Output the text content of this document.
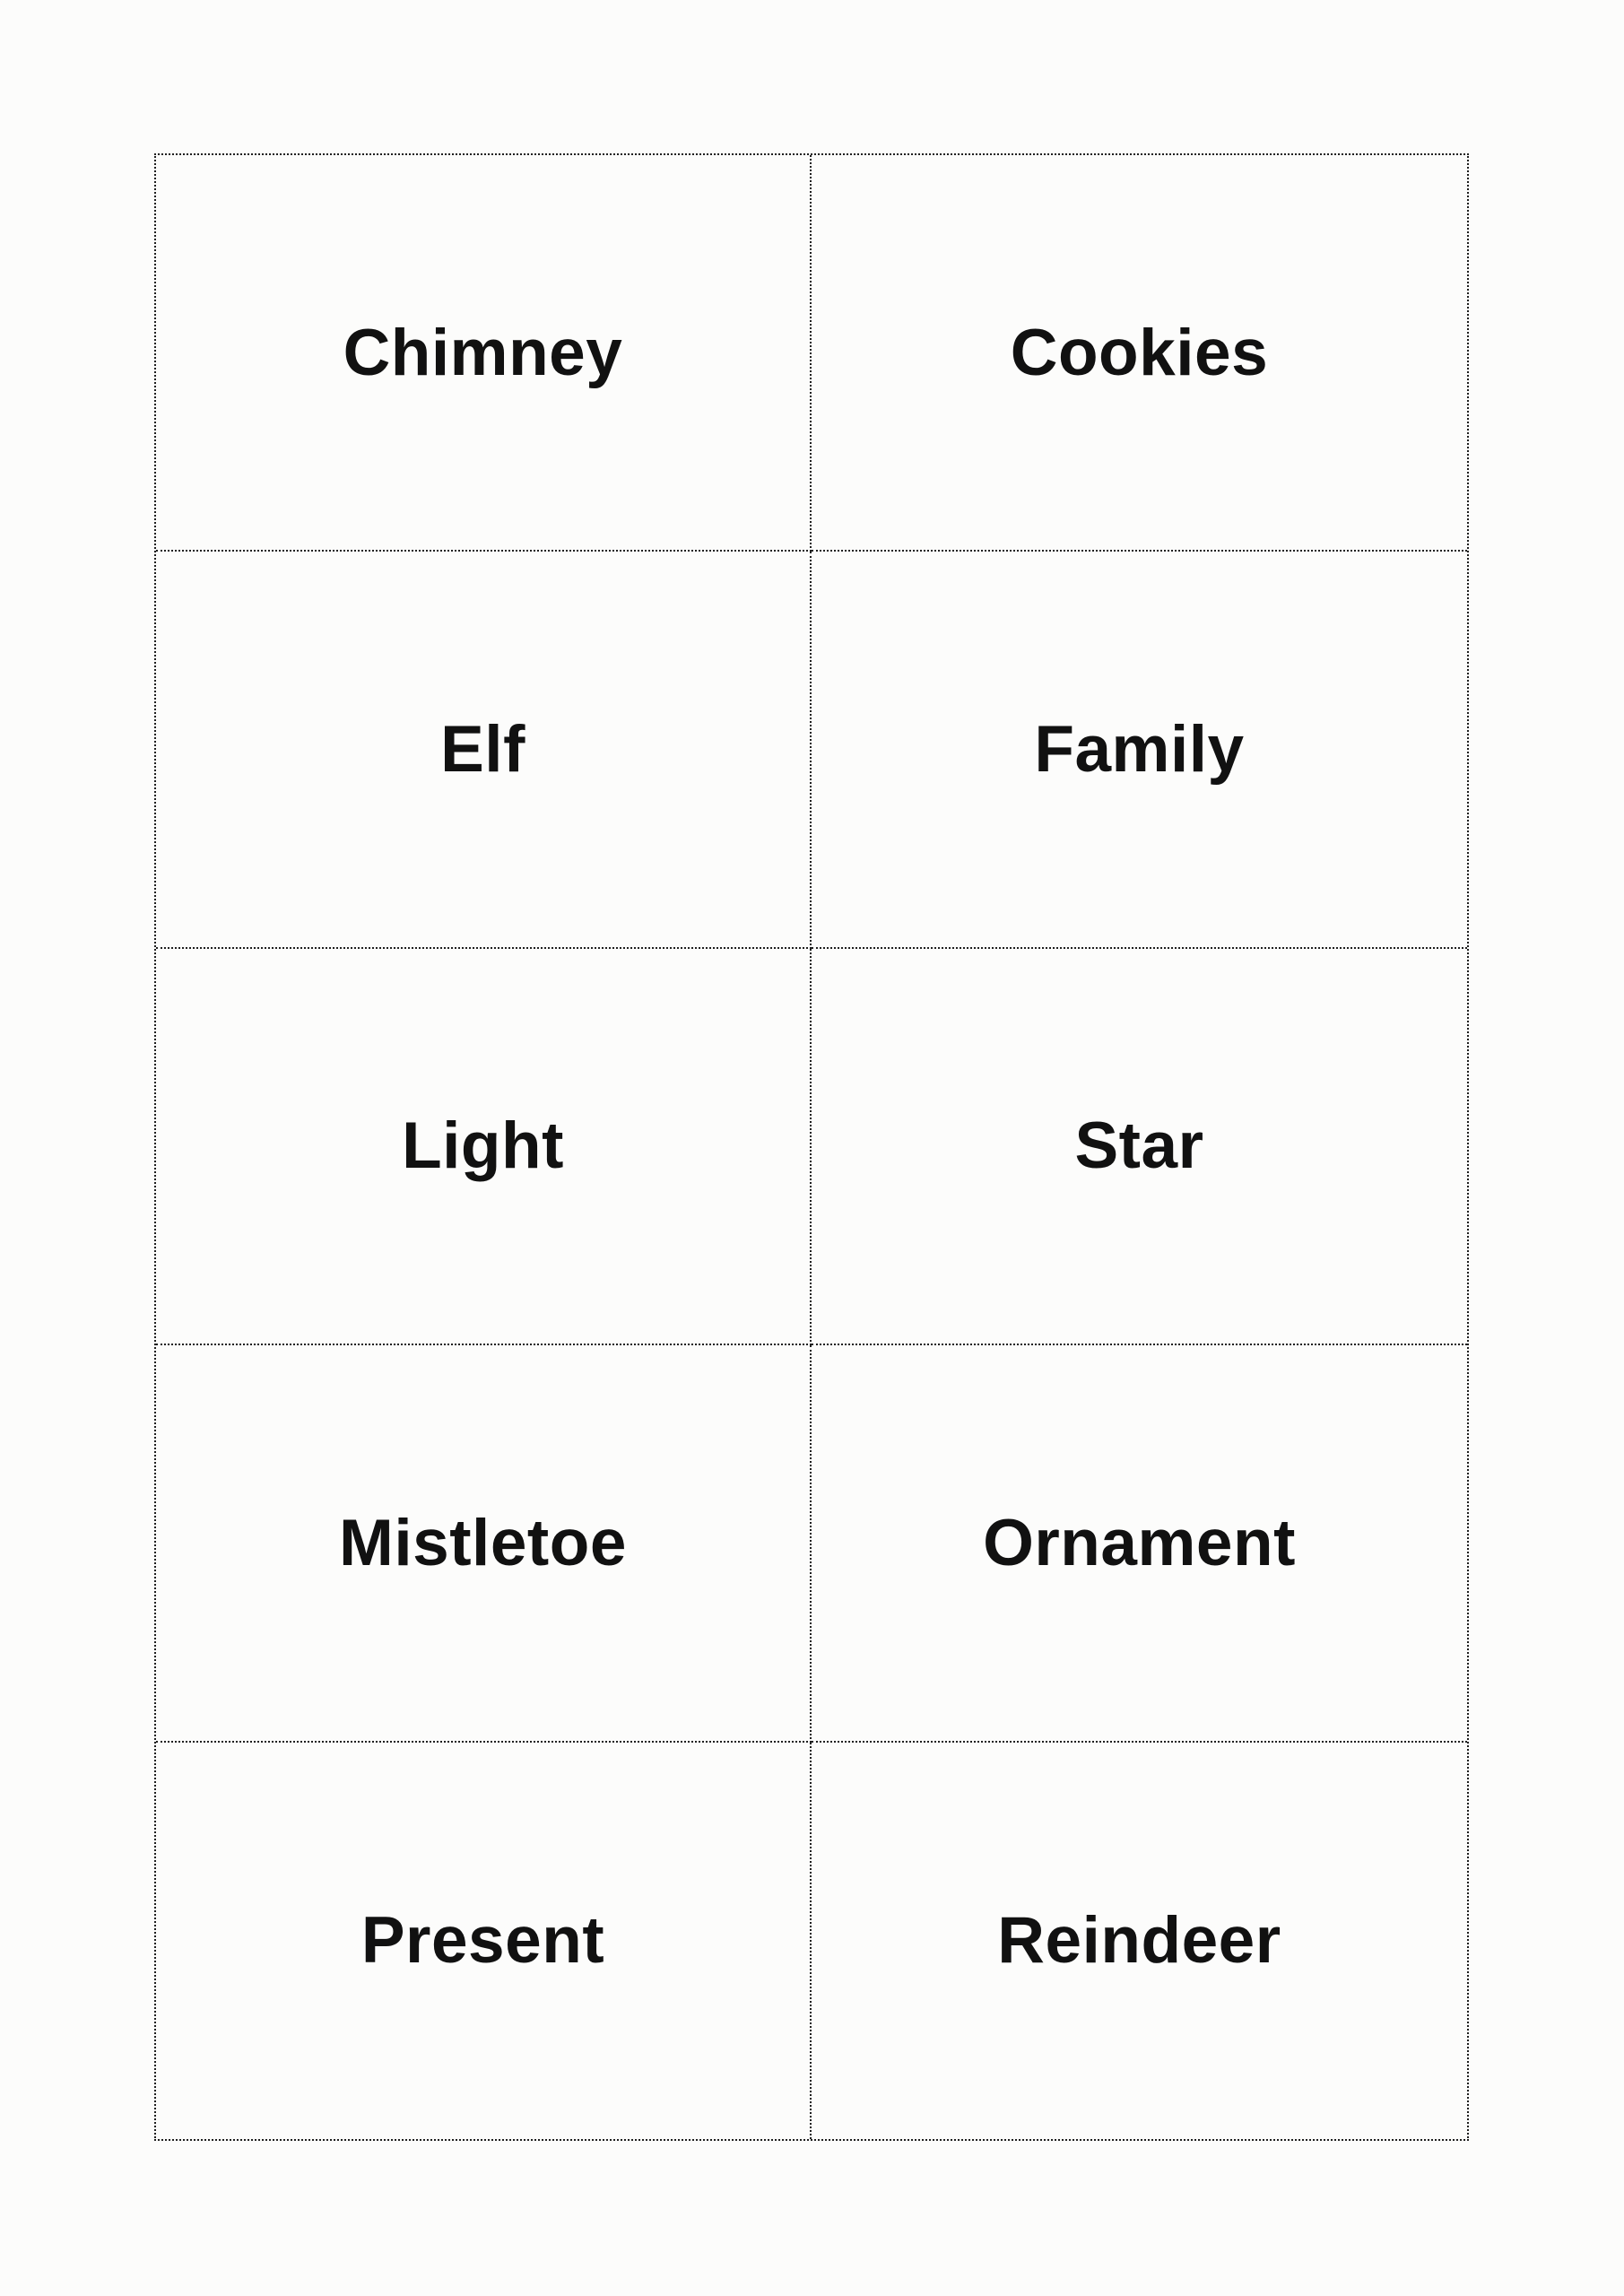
Chimney	Cookies
Elf	Family
Light	Star
Mistletoe	Ornament
Present	Reindeer
